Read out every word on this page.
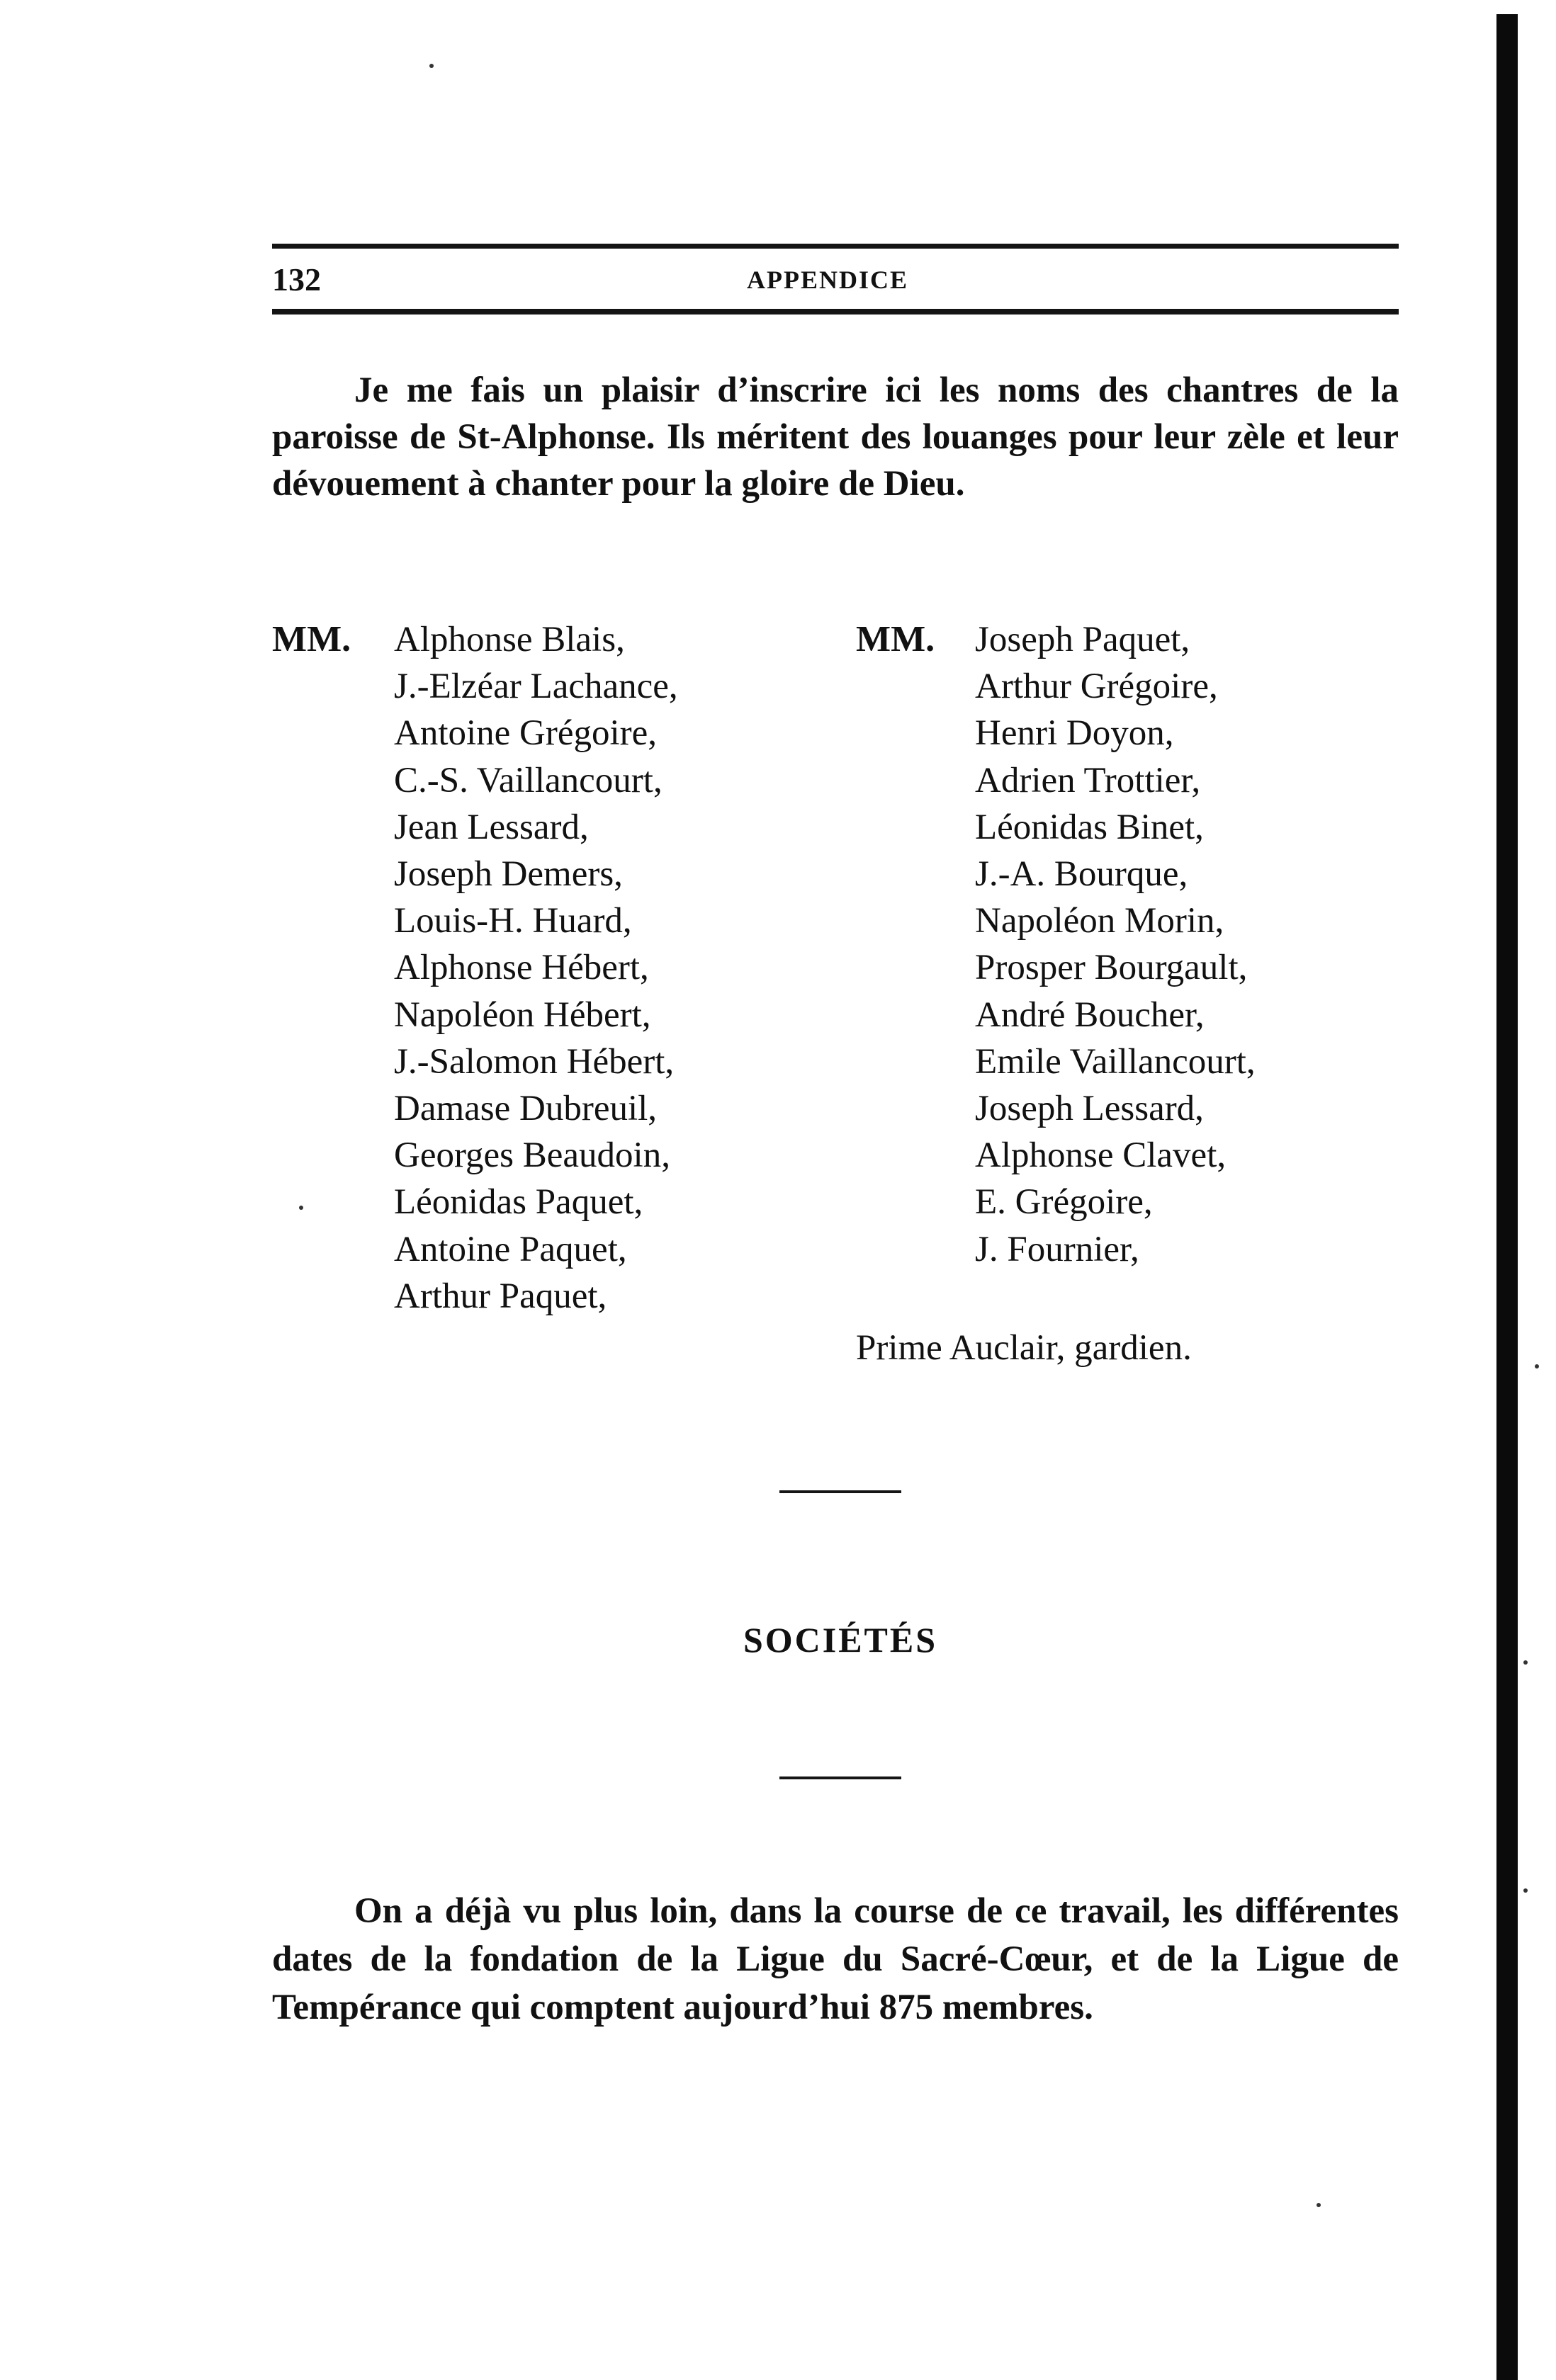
132	APPENDICE

Je me fais un plaisir d’inscrire ici les noms des chantres de la paroisse de St-Alphonse. Ils méritent des louanges pour leur zèle et leur dévouement à chanter pour la gloire de Dieu.

MM. Alphonse Blais,
J.-Elzéar Lachance,
Antoine Grégoire,
C.-S. Vaillancourt,
Jean Lessard,
Joseph Demers,
Louis-H. Huard,
Alphonse Hébert,
Napoléon Hébert,
J.-Salomon Hébert,
Damase Dubreuil,
Georges Beaudoin,
Léonidas Paquet,
Antoine Paquet,
Arthur Paquet,
MM. Joseph Paquet,
Arthur Grégoire,
Henri Doyon,
Adrien Trottier,
Léonidas Binet,
J.-A. Bourque,
Napoléon Morin,
Prosper Bourgault,
André Boucher,
Emile Vaillancourt,
Joseph Lessard,
Alphonse Clavet,
E. Grégoire,
J. Fournier,
Prime Auclair, gardien.
SOCIÉTÉS

On a déjà vu plus loin, dans la course de ce travail, les différentes dates de la fondation de la Ligue du Sacré-Cœur, et de la Ligue de Tempérance qui comptent aujourd’hui 875 membres.
